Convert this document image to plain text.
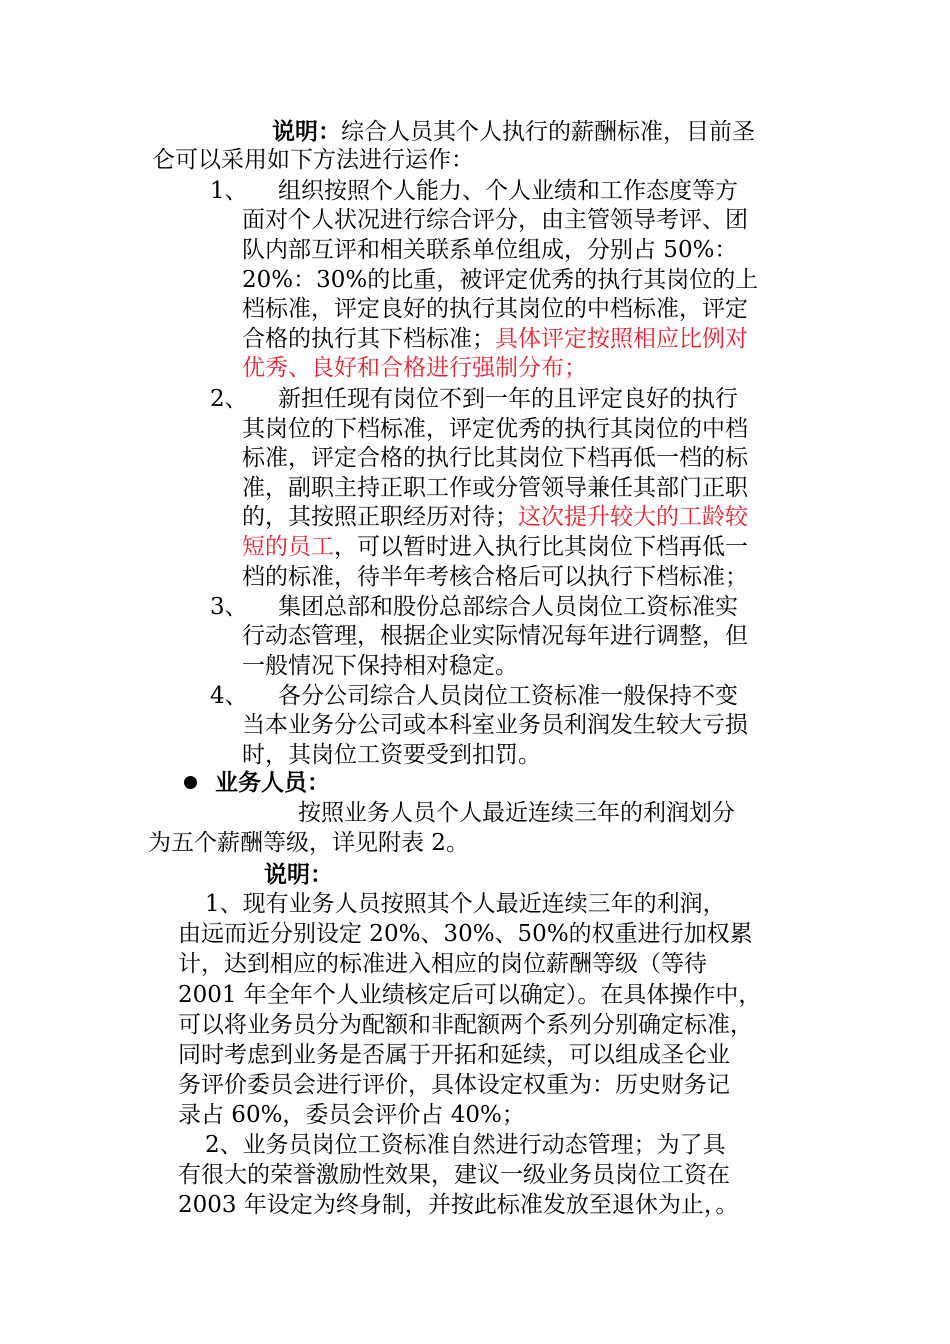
说明：综合人员其个人执行的薪酬标准，目前圣
仑可以采用如下方法进行运作：
1、 组织按照个人能力、个人业绩和工作态度等方
面对个人状况进行综合评分，由主管领导考评、团
队内部互评和相关联系单位组成，分别占 50%：
20%：30%的比重，被评定优秀的执行其岗位的上
档标准，评定良好的执行其岗位的中档标准，评定
合格的执行其下档标准；具体评定按照相应比例对
优秀、良好和合格进行强制分布；
2、 新担任现有岗位不到一年的且评定良好的执行
其岗位的下档标准，评定优秀的执行其岗位的中档
标准，评定合格的执行比其岗位下档再低一档的标
准，副职主持正职工作或分管领导兼任其部门正职
的，其按照正职经历对待；这次提升较大的工龄较
短的员工，可以暂时进入执行比其岗位下档再低一
档的标准，待半年考核合格后可以执行下档标准；
3、 集团总部和股份总部综合人员岗位工资标准实
行动态管理，根据企业实际情况每年进行调整，但
一般情况下保持相对稳定。
4、 各分公司综合人员岗位工资标准一般保持不变
当本业务分公司或本科室业务员利润发生较大亏损
时，其岗位工资要受到扣罚。
业务人员：
按照业务人员个人最近连续三年的利润划分
为五个薪酬等级，详见附表 2。
说明：
1、现有业务人员按照其个人最近连续三年的利润，
由远而近分别设定 20%、30%、50%的权重进行加权累
计，达到相应的标准进入相应的岗位薪酬等级（等待
2001 年全年个人业绩核定后可以确定）。在具体操作中，
可以将业务员分为配额和非配额两个系列分别确定标准，
同时考虑到业务是否属于开拓和延续，可以组成圣仑业
务评价委员会进行评价，具体设定权重为：历史财务记
录占 60%，委员会评价占 40%；
2、业务员岗位工资标准自然进行动态管理；为了具
有很大的荣誉激励性效果，建议一级业务员岗位工资在
2003 年设定为终身制，并按此标准发放至退休为止，。
